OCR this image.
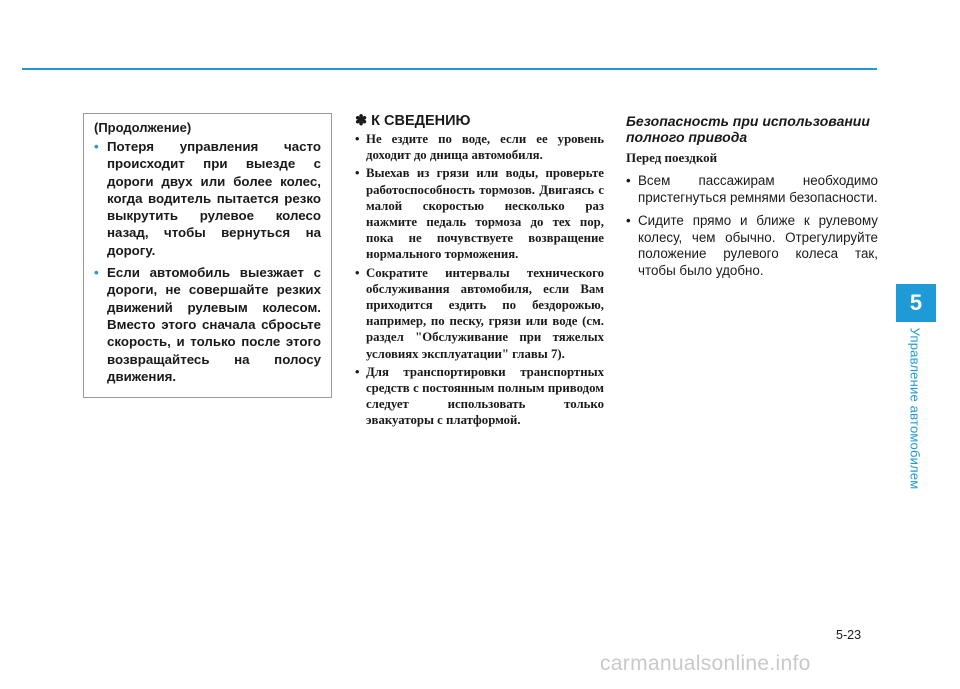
5
Управление автомобилем
(Продолжение)
• Потеря управления часто происходит при выезде с дороги двух или более колес, когда водитель пытается резко выкрутить рулевое колесо назад, чтобы вернуться на дорогу.
• Если автомобиль выезжает с дороги, не совершайте резких движений рулевым колесом. Вместо этого сначала сбросьте скорость, и только после этого возвращайтесь на полосу движения.
✽ К СВЕДЕНИЮ
• Не ездите по воде, если ее уровень доходит до днища автомобиля.
• Выехав из грязи или воды, проверьте работоспособность тормозов. Двигаясь с малой скоростью несколько раз нажмите педаль тормоза до тех пор, пока не почувствуете возвращение нормального торможения.
• Сократите интервалы технического обслуживания автомобиля, если Вам приходится ездить по бездорожью, например, по песку, грязи или воде (см. раздел "Обслуживание при тяжелых условиях эксплуатации" главы 7).
• Для транспортировки транспортных средств с постоянным полным приводом следует использовать только эвакуаторы с платформой.
Безопасность при использовании полного привода
Перед поездкой
• Всем пассажирам необходимо пристегнуться ремнями безопасности.
• Сидите прямо и ближе к рулевому колесу, чем обычно. Отрегулируйте положение рулевого колеса так, чтобы было удобно.
5-23
carmanualsonline.info
